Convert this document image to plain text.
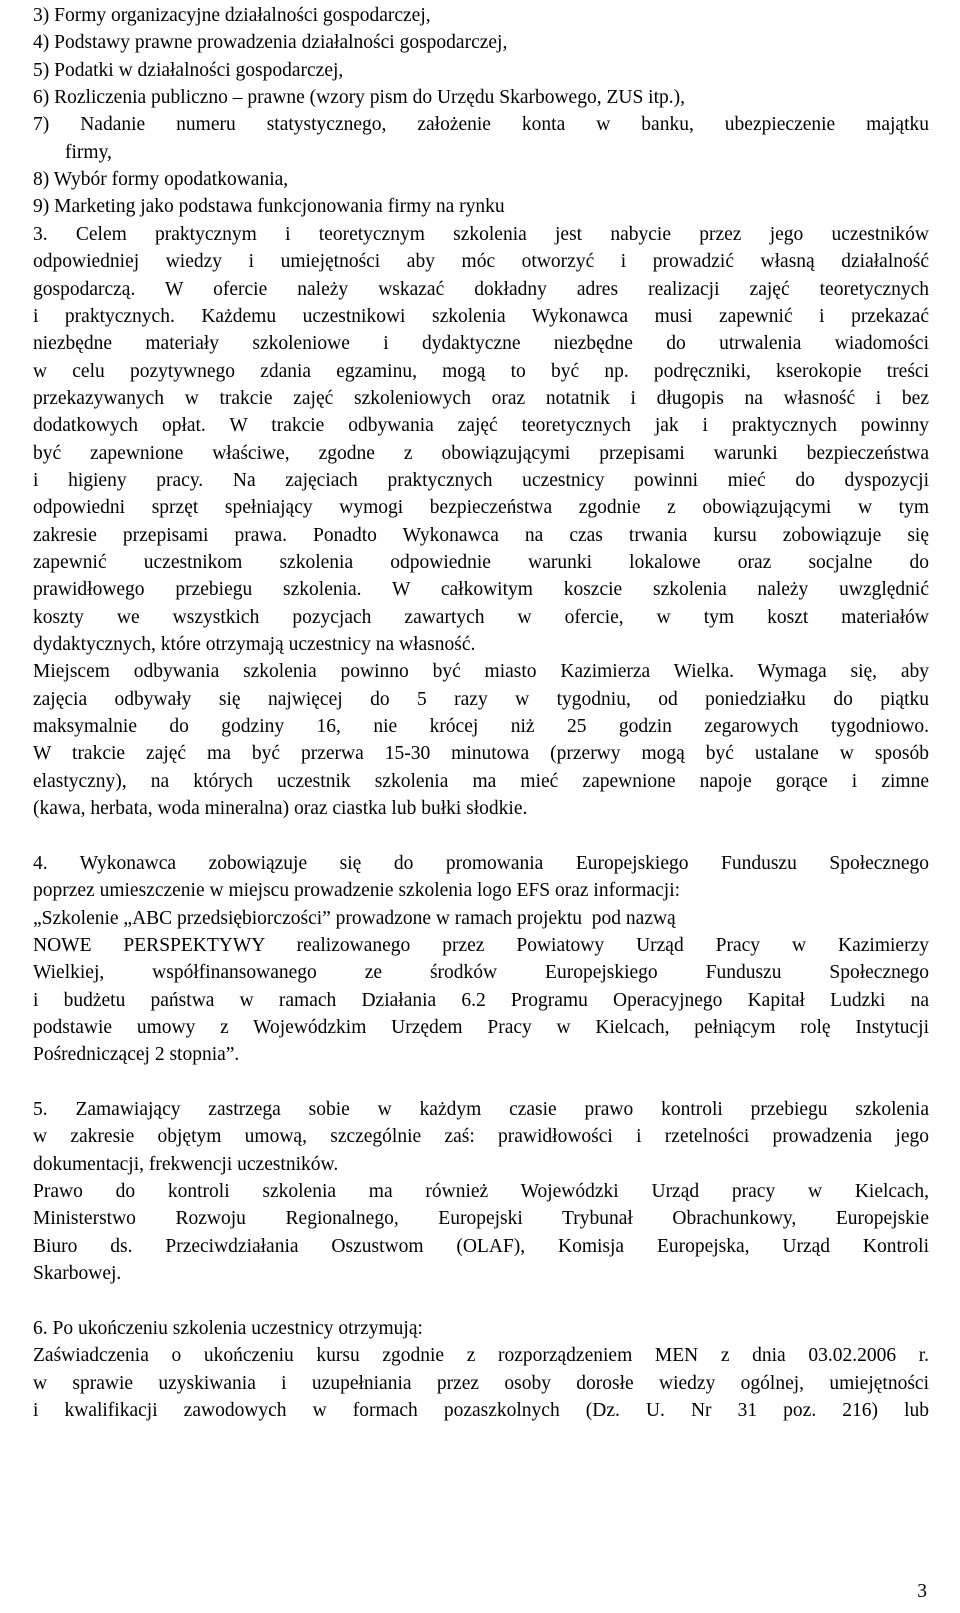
3) Formy organizacyjne działalności gospodarczej,
4) Podstawy prawne prowadzenia działalności gospodarczej,
5) Podatki w działalności gospodarczej,
6) Rozliczenia publiczno – prawne (wzory pism do Urzędu Skarbowego, ZUS itp.),
7) Nadanie numeru statystycznego, założenie konta w banku, ubezpieczenie majątku
firmy,
8) Wybór formy opodatkowania,
9) Marketing jako podstawa funkcjonowania firmy na rynku
3. Celem praktycznym i teoretycznym szkolenia jest nabycie przez jego uczestników
odpowiedniej wiedzy i umiejętności aby móc otworzyć i prowadzić własną działalność
gospodarczą. W ofercie należy wskazać dokładny adres realizacji zajęć teoretycznych
i praktycznych. Każdemu uczestnikowi szkolenia Wykonawca musi zapewnić i przekazać
niezbędne materiały szkoleniowe i dydaktyczne niezbędne do utrwalenia wiadomości
w celu pozytywnego zdania egzaminu, mogą to być np. podręczniki, kserokopie treści
przekazywanych w trakcie zajęć szkoleniowych oraz notatnik i długopis na własność i bez
dodatkowych opłat. W trakcie odbywania zajęć teoretycznych jak i praktycznych powinny
być zapewnione właściwe, zgodne z obowiązującymi przepisami warunki bezpieczeństwa
i higieny pracy. Na zajęciach praktycznych uczestnicy powinni mieć do dyspozycji
odpowiedni sprzęt spełniający wymogi bezpieczeństwa zgodnie z obowiązującymi w tym
zakresie przepisami prawa. Ponadto Wykonawca na czas trwania kursu zobowiązuje się
zapewnić uczestnikom szkolenia odpowiednie warunki lokalowe oraz socjalne do
prawidłowego przebiegu szkolenia. W całkowitym koszcie szkolenia należy uwzględnić
koszty we wszystkich pozycjach zawartych w ofercie, w tym koszt materiałów
dydaktycznych, które otrzymają uczestnicy na własność.
Miejscem odbywania szkolenia powinno być miasto Kazimierza Wielka. Wymaga się, aby
zajęcia odbywały się najwięcej do 5 razy w tygodniu, od poniedziałku do piątku
maksymalnie do godziny 16, nie krócej niż 25 godzin zegarowych tygodniowo.
W trakcie zajęć ma być przerwa 15-30 minutowa (przerwy mogą być ustalane w sposób
elastyczny), na których uczestnik szkolenia ma mieć zapewnione napoje gorące i zimne
(kawa, herbata, woda mineralna) oraz ciastka lub bułki słodkie.
4. Wykonawca zobowiązuje się do promowania Europejskiego Funduszu Społecznego
poprzez umieszczenie w miejscu prowadzenie szkolenia logo EFS oraz informacji:
„Szkolenie „ABC przedsiębiorczości” prowadzone w ramach projektu  pod nazwą
NOWE PERSPEKTYWY realizowanego przez Powiatowy Urząd Pracy w Kazimierzy
Wielkiej, współfinansowanego ze środków Europejskiego Funduszu Społecznego
i budżetu państwa w ramach Działania 6.2 Programu Operacyjnego Kapitał Ludzki na
podstawie umowy z Wojewódzkim Urzędem Pracy w Kielcach, pełniącym rolę Instytucji
Pośredniczącej 2 stopnia”.
5. Zamawiający zastrzega sobie w każdym czasie prawo kontroli przebiegu szkolenia
w zakresie objętym umową, szczególnie zaś: prawidłowości i rzetelności prowadzenia jego
dokumentacji, frekwencji uczestników.
Prawo do kontroli szkolenia ma również Wojewódzki Urząd pracy w Kielcach,
Ministerstwo Rozwoju Regionalnego, Europejski Trybunał Obrachunkowy, Europejskie
Biuro ds. Przeciwdziałania Oszustwom (OLAF), Komisja Europejska, Urząd Kontroli
Skarbowej.
6. Po ukończeniu szkolenia uczestnicy otrzymują:
Zaświadczenia o ukończeniu kursu zgodnie z rozporządzeniem MEN z dnia 03.02.2006 r.
w sprawie uzyskiwania i uzupełniania przez osoby dorosłe wiedzy ogólnej, umiejętności
i kwalifikacji zawodowych w formach pozaszkolnych (Dz. U. Nr 31 poz. 216) lub
3
